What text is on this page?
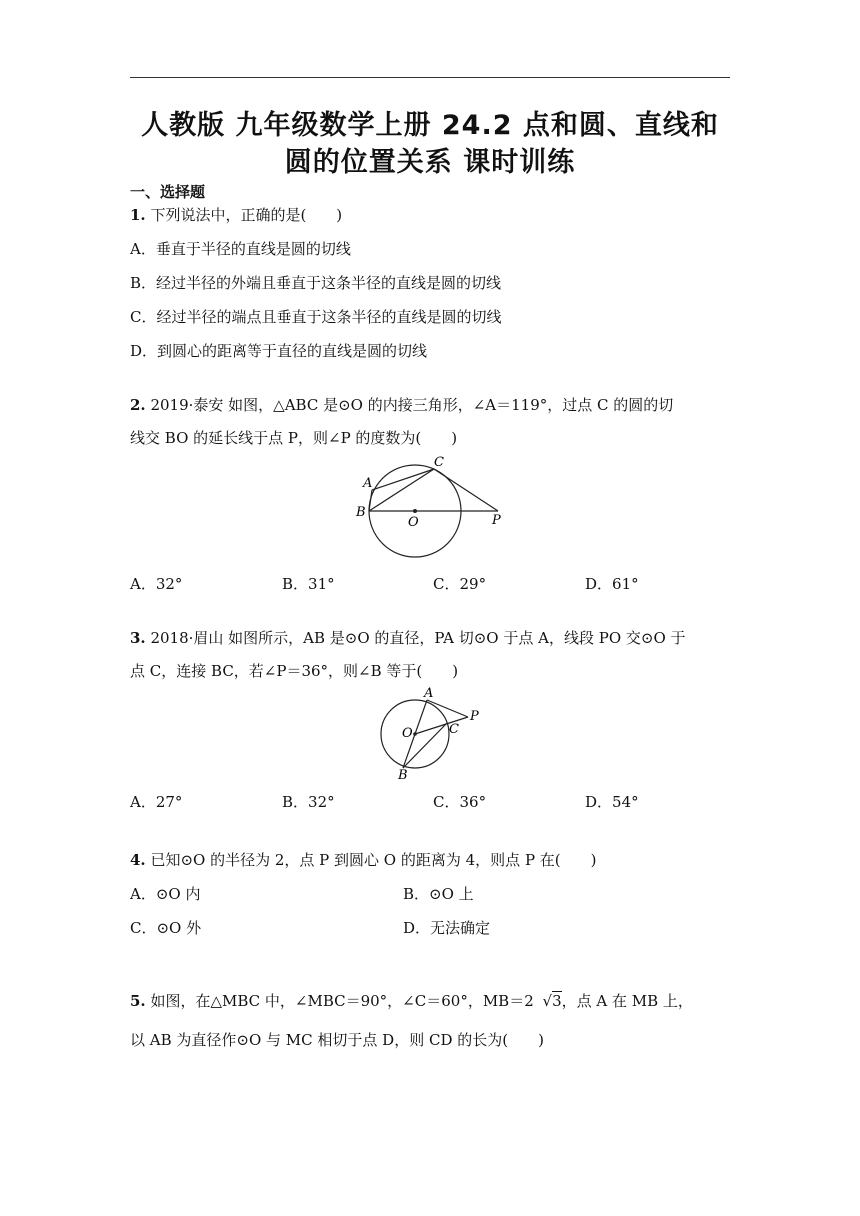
人教版 九年级数学上册 24.2 点和圆、直线和
圆的位置关系 课时训练
一、选择题
1. 下列说法中，正确的是(　　)
A．垂直于半径的直线是圆的切线
B．经过半径的外端且垂直于这条半径的直线是圆的切线
C．经过半径的端点且垂直于这条半径的直线是圆的切线
D．到圆心的距离等于直径的直线是圆的切线
2. 2019·泰安 如图，△ABC 是⊙O 的内接三角形，∠A＝119°，过点 C 的圆的切
线交 BO 的延长线于点 P，则∠P 的度数为(　　)
A
B
C
O	P
A．32°	B．31°	C．29°	D．61°
3. 2018·眉山 如图所示，AB 是⊙O 的直径，PA 切⊙O 于点 A，线段 PO 交⊙O 于
点 C，连接 BC，若∠P＝36°，则∠B 等于(　　)
A
O	C
P
B
A．27°	B．32°	C．36°	D．54°
4. 已知⊙O 的半径为 2，点 P 到圆心 O 的距离为 4，则点 P 在(　　)
A．⊙O 内	B．⊙O 上
C．⊙O 外	D．无法确定
5. 如图，在△MBC 中，∠MBC＝90°，∠C＝60°，MB＝2 √3，点 A 在 MB 上，
以 AB 为直径作⊙O 与 MC 相切于点 D，则 CD 的长为(　　)
